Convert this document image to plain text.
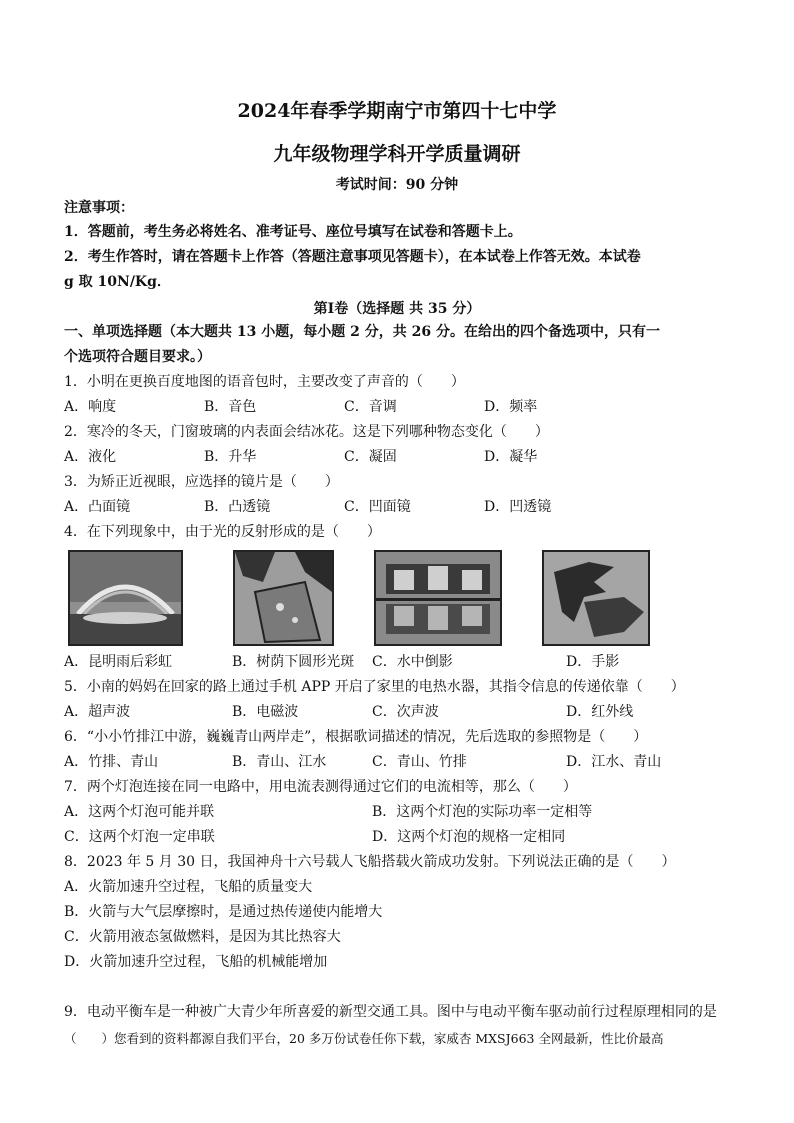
2024年春季学期南宁市第四十七中学
九年级物理学科开学质量调研
考试时间：90 分钟
注意事项：
1．答题前，考生务必将姓名、准考证号、座位号填写在试卷和答题卡上。
2．考生作答时，请在答题卡上作答（答题注意事项见答题卡），在本试卷上作答无效。本试卷
g 取 10N/Kg．
第Ⅰ卷（选择题 共 35 分）
一、单项选择题（本大题共 13 小题，每小题 2 分，共 26 分。在给出的四个备选项中，只有一
个选项符合题目要求。）
1．小明在更换百度地图的语音包时，主要改变了声音的（　　）
A．响度	B．音色	C．音调	D．频率
2．寒冷的冬天，门窗玻璃的内表面会结冰花。这是下列哪种物态变化（　　）
A．液化	B．升华	C．凝固	D．凝华
3．为矫正近视眼，应选择的镜片是（　　）
A．凸面镜	B．凸透镜	C．凹面镜	D．凹透镜
4．在下列现象中，由于光的反射形成的是（　　）
A．昆明雨后彩虹	B．树荫下圆形光斑 C．水中倒影	D．手影
5．小南的妈妈在回家的路上通过手机 APP 开启了家里的电热水器，其指令信息的传递依靠（　　）
A．超声波	B．电磁波	C．次声波	D．红外线
6．“小小竹排江中游，巍巍青山两岸走”，根据歌词描述的情况，先后选取的参照物是（　　）
A．竹排、青山	B．青山、江水	C．青山、竹排	D．江水、青山
7．两个灯泡连接在同一电路中，用电流表测得通过它们的电流相等，那么（　　）
A．这两个灯泡可能并联	B．这两个灯泡的实际功率一定相等
C．这两个灯泡一定串联	D．这两个灯泡的规格一定相同
8．2023 年 5 月 30 日，我国神舟十六号载人飞船搭载火箭成功发射。下列说法正确的是（　　）
A．火箭加速升空过程，飞船的质量变大
B．火箭与大气层摩擦时，是通过热传递使内能增大
C．火箭用液态氢做燃料，是因为其比热容大
D．火箭加速升空过程，飞船的机械能增加
9．电动平衡车是一种被广大青少年所喜爱的新型交通工具。图中与电动平衡车驱动前行过程原理相同的是
（　　）您看到的资料都源自我们平台，20 多万份试卷任你下载，家威杏 MXSJ663 全网最新，性比价最高
